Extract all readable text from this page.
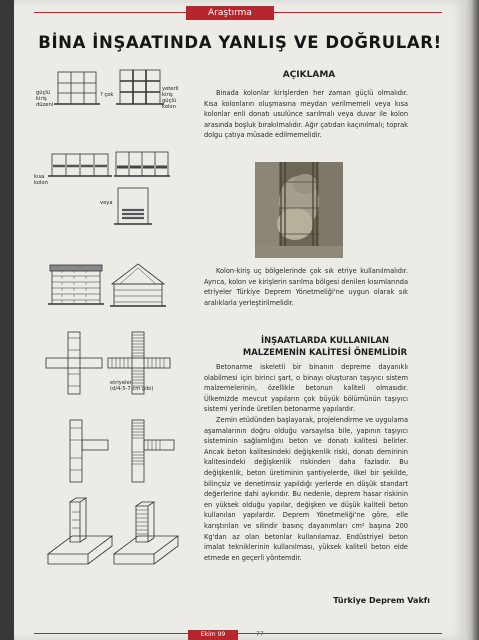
Araştırma
BİNA İNŞAATINDA YANLIŞ VE DOĞRULAR!
güçlü
kiriş
düzeni
? çok
yeterli
kiriş
güçlü
kolon
kısa
kolon
veya
etriyeler
(d/4-5-7 cm gibi)
AÇIKLAMA

Binada kolonlar kirişlerden her zaman güçlü olmalıdır. Kısa kolonların oluşmasına meydan verilmemeli veya kısa kolonlar enli donatı usulünce sarılmalı veya duvar ile kolon arasında boşluk bırakılmalıdır. Ağır çatıdan kaçınılmalı; toprak dolgu çatıya müsade edilmemelidir.

Kolon-kiriş uç bölgelerinde çok sık etriye kullanılmalıdır. Ayrıca, kolon ve kirişlerin sarılma bölgesi denilen kısımlarında etriyeler Türkiye Deprem Yönetmeliği'ne uygun olarak sık aralıklarla yerleştirilmelidir.

İNŞAATLARDA KULLANILAN
MALZEMENİN KALİTESİ ÖNEMLİDİR

Betonarme iskeletli bir binanın depreme dayanıklı olabilmesi için birinci şart, o binayı oluşturan taşıyıcı sistem malzemelerinin, özellikle betonun kaliteli olmasıdır. Ülkemizde mevcut yapıların çok büyük bölümünün taşıyıcı sistemi yerinde üretilen betonarme yapılardır.

Zemin etüdünden başlayarak, projelendirme ve uygulama aşamalarının doğru olduğu varsayılsa bile, yapının taşıyıcı sisteminin sağlamlığını beton ve donatı kalitesi belirler. Ancak beton kalitesindeki değişkenlik riski, donatı demirinin kalitesindeki değişkenlik riskinden daha fazladır. Bu değişkenlik, beton üretiminin şantiyelerde, ilkel bir şekilde, bilinçsiz ve denetimsiz yapıldığı yerlerde en düşük standart değerlerine dahi aykırıdır. Bu nedenle, deprem hasar riskinin en yüksek olduğu yapılar, değişken ve düşük kaliteli beton kullanılan yapılardır. Deprem Yönetmeliği'ne göre, elle karıştırılan ve silindir basınç dayanımları cm² başına 200 Kg'dan az olan betonlar kullanılamaz. Endüstriyel beton imalat tekniklerinin kullanılması, yüksek kaliteli beton elde etmede en geçerli yöntemdir.

Türkiye Deprem Vakfı
Ekim 99	77
